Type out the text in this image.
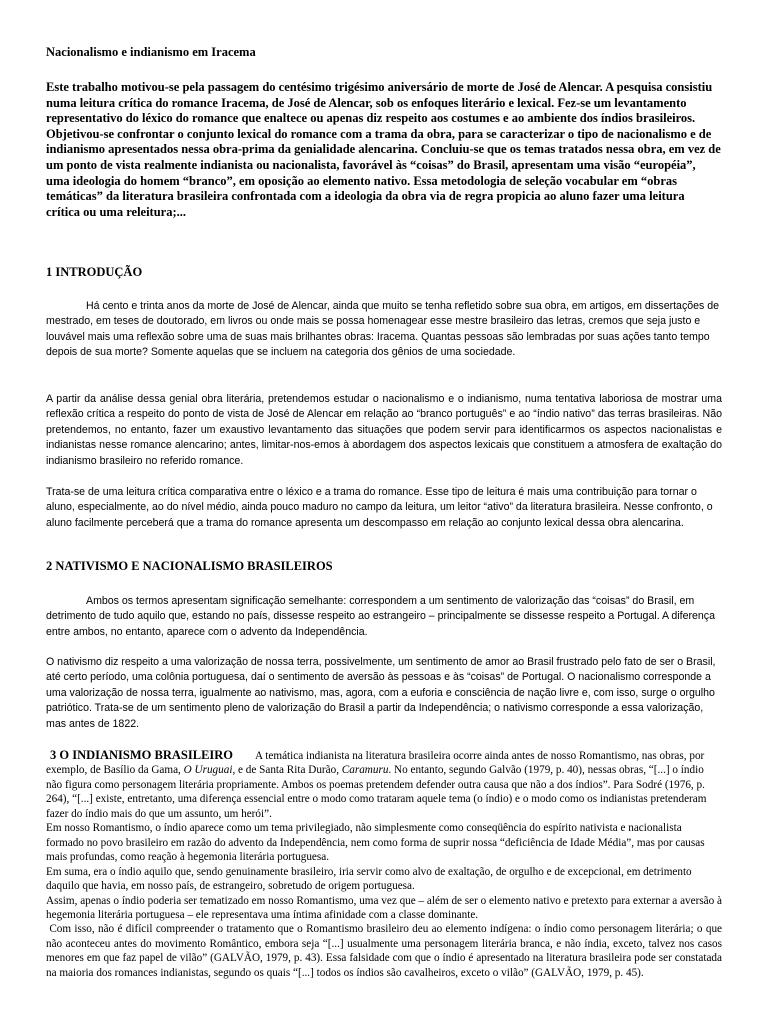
Nacionalismo e indianismo em Iracema

Este trabalho motivou-se pela passagem do centésimo trigésimo aniversário de morte de José de Alencar. A pesquisa consistiu numa leitura crítica do romance Iracema, de José de Alencar, sob os enfoques literário e lexical. Fez-se um levantamento representativo do léxico do romance que enaltece ou apenas diz respeito aos costumes e ao ambiente dos índios brasileiros. Objetivou-se confrontar o conjunto lexical do romance com a trama da obra, para se caracterizar o tipo de nacionalismo e de indianismo apresentados nessa obra-prima da genialidade alencarina. Concluiu-se que os temas tratados nessa obra, em vez de um ponto de vista realmente indianista ou nacionalista, favorável às “coisas” do Brasil, apresentam uma visão “européia”, uma ideologia do homem “branco”, em oposição ao elemento nativo. Essa metodologia de seleção vocabular em “obras temáticas” da literatura brasileira confrontada com a ideologia da obra via de regra propicia ao aluno fazer uma leitura crítica ou uma releitura;...

1 INTRODUÇÃO

Há cento e trinta anos da morte de José de Alencar, ainda que muito se tenha refletido sobre sua obra, em artigos, em dissertações de mestrado, em teses de doutorado, em livros ou onde mais se possa homenagear esse mestre brasileiro das letras, cremos que seja justo e louvável mais uma reflexão sobre uma de suas mais brilhantes obras: Iracema. Quantas pessoas são lembradas por suas ações tanto tempo depois de sua morte? Somente aquelas que se incluem na categoria dos gênios de uma sociedade.

A partir da análise dessa genial obra literária, pretendemos estudar o nacionalismo e o indianismo, numa tentativa laboriosa de mostrar uma reflexão crítica a respeito do ponto de vista de José de Alencar em relação ao “branco português” e ao “índio nativo” das terras brasileiras. Não pretendemos, no entanto, fazer um exaustivo levantamento das situações que podem servir para identificarmos os aspectos nacionalistas e indianistas nesse romance alencarino; antes, limitar-nos-emos à abordagem dos aspectos lexicais que constituem a atmosfera de exaltação do indianismo brasileiro no referido romance.

Trata-se de uma leitura crítica comparativa entre o léxico e a trama do romance. Esse tipo de leitura é mais uma contribuição para tornar o aluno, especialmente, ao do nível médio, ainda pouco maduro no campo da leitura, um leitor “ativo” da literatura brasileira. Nesse confronto, o aluno facilmente perceberá que a trama do romance apresenta um descompasso em relação ao conjunto lexical dessa obra alencarina.

2 NATIVISMO E NACIONALISMO BRASILEIROS

Ambos os termos apresentam significação semelhante: correspondem a um sentimento de valorização das “coisas” do Brasil, em detrimento de tudo aquilo que, estando no país, dissesse respeito ao estrangeiro – principalmente se dissesse respeito a Portugal. A diferença entre ambos, no entanto, aparece com o advento da Independência.

O nativismo diz respeito a uma valorização de nossa terra, possivelmente, um sentimento de amor ao Brasil frustrado pelo fato de ser o Brasil, até certo período, uma colônia portuguesa, daí o sentimento de aversão às pessoas e às “coisas” de Portugal. O nacionalismo corresponde a uma valorização de nossa terra, igualmente ao nativismo, mas, agora, com a euforia e consciência de nação livre e, com isso, surge o orgulho patriótico. Trata-se de um sentimento pleno de valorização do Brasil a partir da Independência; o nativismo corresponde a essa valorização, mas antes de 1822.

3 O INDIANISMO BRASILEIRO A temática indianista na literatura brasileira ocorre ainda antes de nosso Romantismo, nas obras, por exemplo, de Basílio da Gama, O Uruguai, e de Santa Rita Durão, Caramuru. No entanto, segundo Galvão (1979, p. 40), nessas obras, “[...] o índio não figura como personagem literária propriamente. Ambos os poemas pretendem defender outra causa que não a dos índios”. Para Sodré (1976, p. 264), “[...] existe, entretanto, uma diferença essencial entre o modo como trataram aquele tema (o índio) e o modo como os indianistas pretenderam fazer do índio mais do que um assunto, um herói”.

Em nosso Romantismo, o índio aparece como um tema privilegiado, não simplesmente como conseqüência do espírito nativista e nacionalista formado no povo brasileiro em razão do advento da Independência, nem como forma de suprir nossa “deficiência de Idade Média”, mas por causas mais profundas, como reação à hegemonia literária portuguesa.

Em suma, era o índio aquilo que, sendo genuinamente brasileiro, iria servir como alvo de exaltação, de orgulho e de excepcional, em detrimento daquilo que havia, em nosso país, de estrangeiro, sobretudo de origem portuguesa.

Assim, apenas o índio poderia ser tematizado em nosso Romantismo, uma vez que – além de ser o elemento nativo e pretexto para externar a aversão à hegemonia literária portuguesa – ele representava uma íntima afinidade com a classe dominante.

Com isso, não é difícil compreender o tratamento que o Romantismo brasileiro deu ao elemento indígena: o índio como personagem literária; o que não aconteceu antes do movimento Romântico, embora seja “[...] usualmente uma personagem literária branca, e não índia, exceto, talvez nos casos menores em que faz papel de vilão” (GALVÃO, 1979, p. 43). Essa falsidade com que o índio é apresentado na literatura brasileira pode ser constatada na maioria dos romances indianistas, segundo os quais “[...] todos os índios são cavalheiros, exceto o vilão” (GALVÃO, 1979, p. 45).
